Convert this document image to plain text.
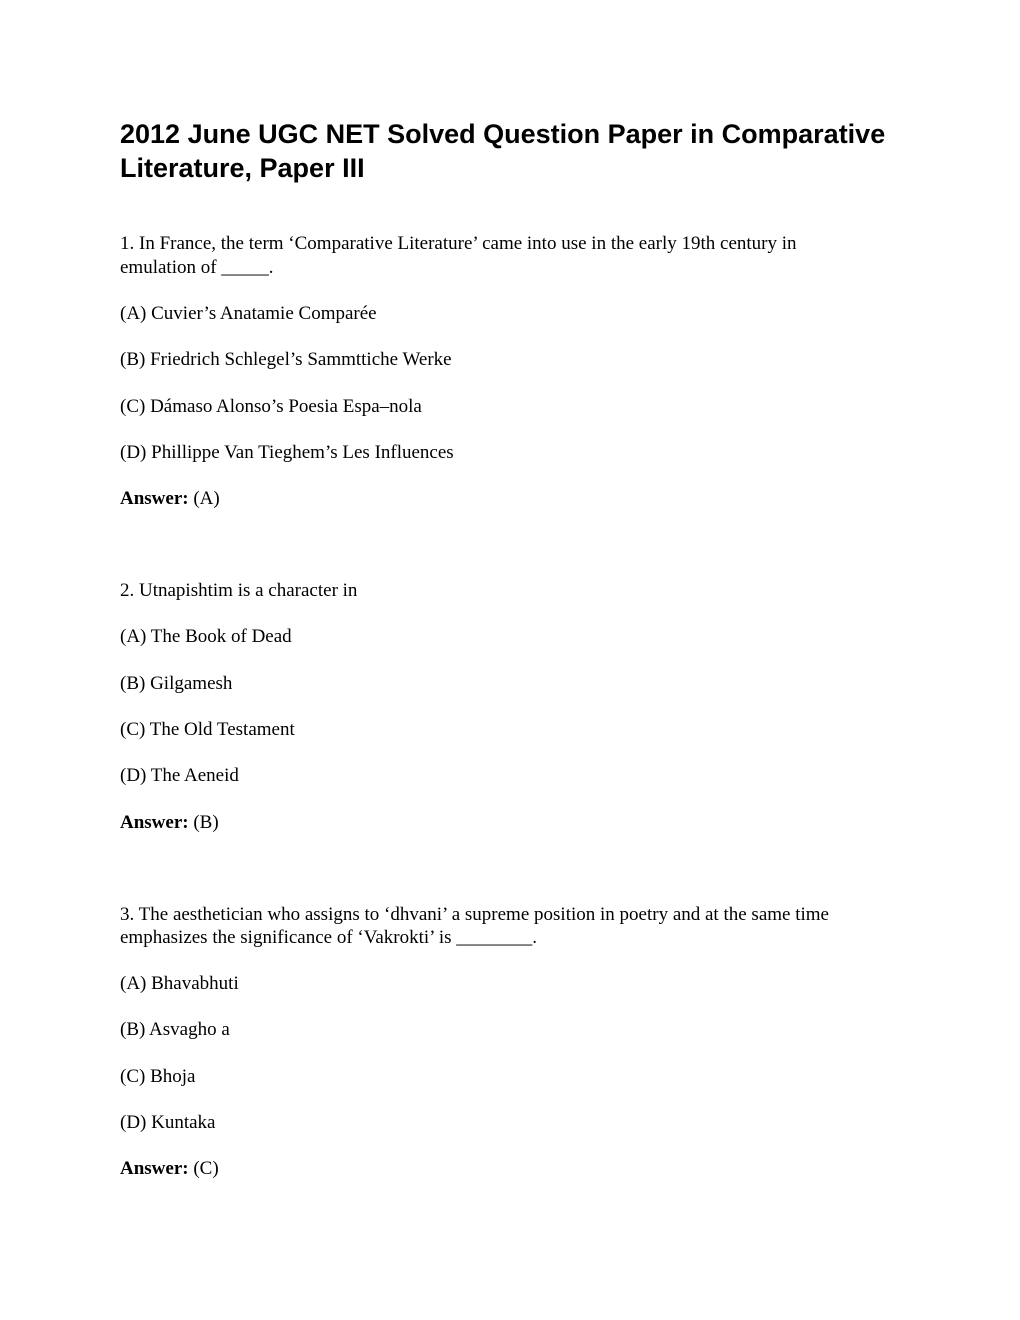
2012 June UGC NET Solved Question Paper in Comparative Literature, Paper III

1. In France, the term ‘Comparative Literature’ came into use in the early 19th century in

emulation of _____.

(A) Cuvier’s Anatamie Comparée

(B) Friedrich Schlegel’s Sammttiche Werke

(C) Dámaso Alonso’s Poesia Espa–nola

(D) Phillippe Van Tieghem’s Les Influences

Answer: (A)

2. Utnapishtim is a character in

(A) The Book of Dead

(B) Gilgamesh

(C) The Old Testament

(D) The Aeneid

Answer: (B)

3. The aesthetician who assigns to ‘dhvani’ a supreme position in poetry and at the same time

emphasizes the significance of ‘Vakrokti’ is ________.

(A) Bhavabhuti

(B) Asvagho a

(C) Bhoja

(D) Kuntaka

Answer: (C)
